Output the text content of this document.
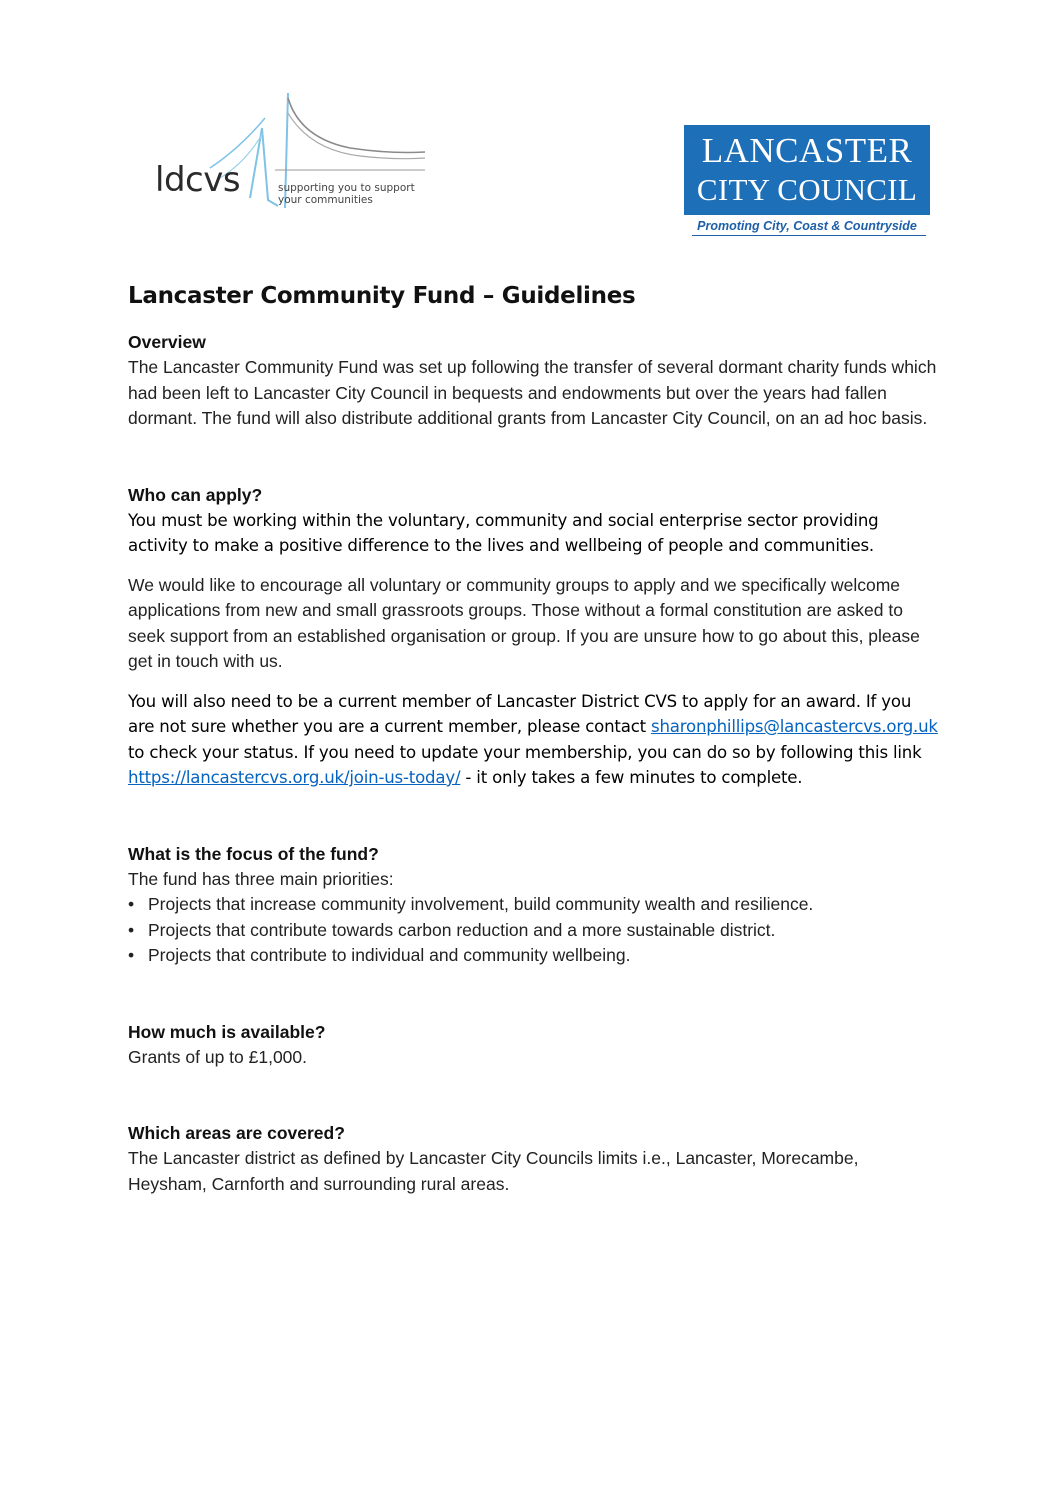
ldcvs	supporting you to support
your communities
LANCASTER
CITY COUNCIL
Promoting City, Coast & Countryside
Lancaster Community Fund – Guidelines
Overview

The Lancaster Community Fund was set up following the transfer of several dormant charity funds which had been left to Lancaster City Council in bequests and endowments but over the years had fallen dormant. The fund will also distribute additional grants from Lancaster City Council, on an ad hoc basis.

Who can apply?

You must be working within the voluntary, community and social enterprise sector providing activity to make a positive difference to the lives and wellbeing of people and communities.

We would like to encourage all voluntary or community groups to apply and we specifically welcome applications from new and small grassroots groups. Those without a formal constitution are asked to seek support from an established organisation or group. If you are unsure how to go about this, please get in touch with us.

You will also need to be a current member of Lancaster District CVS to apply for an award. If you are not sure whether you are a current member, please contact sharonphillips@lancastercvs.org.uk to check your status. If you need to update your membership, you can do so by following this link https://lancastercvs.org.uk/join-us-today/ - it only takes a few minutes to complete.

What is the focus of the fund?

The fund has three main priorities:

• Projects that increase community involvement, build community wealth and resilience.
• Projects that contribute towards carbon reduction and a more sustainable district.
• Projects that contribute to individual and community wellbeing.
How much is available?

Grants of up to £1,000.

Which areas are covered?

The Lancaster district as defined by Lancaster City Councils limits i.e., Lancaster, Morecambe, Heysham, Carnforth and surrounding rural areas.
